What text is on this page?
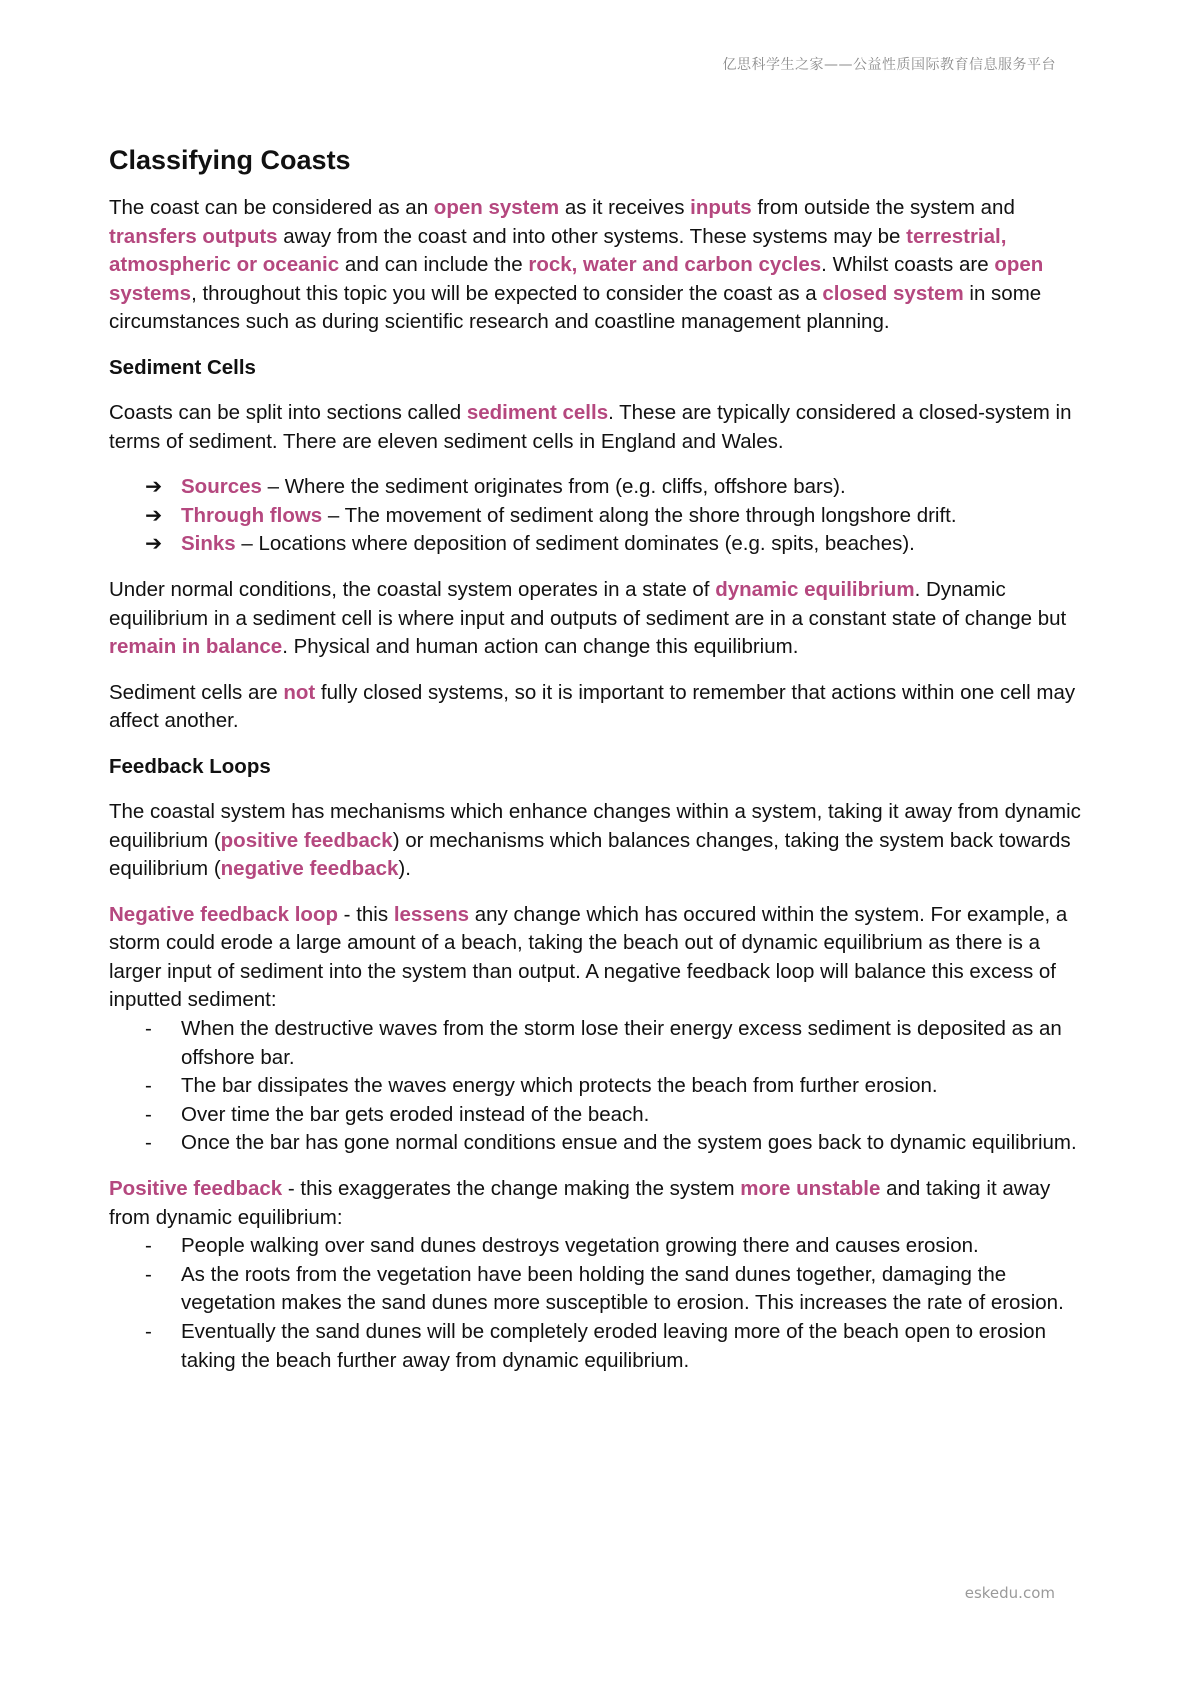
亿思科学生之家——公益性质国际教育信息服务平台
Classifying Coasts

The coast can be considered as an open system as it receives inputs from outside the system and transfers outputs away from the coast and into other systems. These systems may be terrestrial, atmospheric or oceanic and can include the rock, water and carbon cycles. Whilst coasts are open systems, throughout this topic you will be expected to consider the coast as a closed system in some circumstances such as during scientific research and coastline management planning.

Sediment Cells

Coasts can be split into sections called sediment cells. These are typically considered a closed-system in terms of sediment. There are eleven sediment cells in England and Wales.

➔ Sources – Where the sediment originates from (e.g. cliffs, offshore bars).
➔ Through flows – The movement of sediment along the shore through longshore drift.
➔ Sinks – Locations where deposition of sediment dominates (e.g. spits, beaches).

Under normal conditions, the coastal system operates in a state of dynamic equilibrium. Dynamic equilibrium in a sediment cell is where input and outputs of sediment are in a constant state of change but remain in balance. Physical and human action can change this equilibrium.

Sediment cells are not fully closed systems, so it is important to remember that actions within one cell may affect another.

Feedback Loops

The coastal system has mechanisms which enhance changes within a system, taking it away from dynamic equilibrium (positive feedback) or mechanisms which balances changes, taking the system back towards equilibrium (negative feedback).

Negative feedback loop - this lessens any change which has occured within the system. For example, a storm could erode a large amount of a beach, taking the beach out of dynamic equilibrium as there is a larger input of sediment into the system than output. A negative feedback loop will balance this excess of inputted sediment:

-	When the destructive waves from the storm lose their energy excess sediment is deposited as an offshore bar.
-	The bar dissipates the waves energy which protects the beach from further erosion.
-	Over time the bar gets eroded instead of the beach.
-	Once the bar has gone normal conditions ensue and the system goes back to dynamic equilibrium.

Positive feedback - this exaggerates the change making the system more unstable and taking it away from dynamic equilibrium:

-	People walking over sand dunes destroys vegetation growing there and causes erosion.
-	As the roots from the vegetation have been holding the sand dunes together, damaging the vegetation makes the sand dunes more susceptible to erosion. This increases the rate of erosion.
-	Eventually the sand dunes will be completely eroded leaving more of the beach open to erosion taking the beach further away from dynamic equilibrium.
eskedu.com
